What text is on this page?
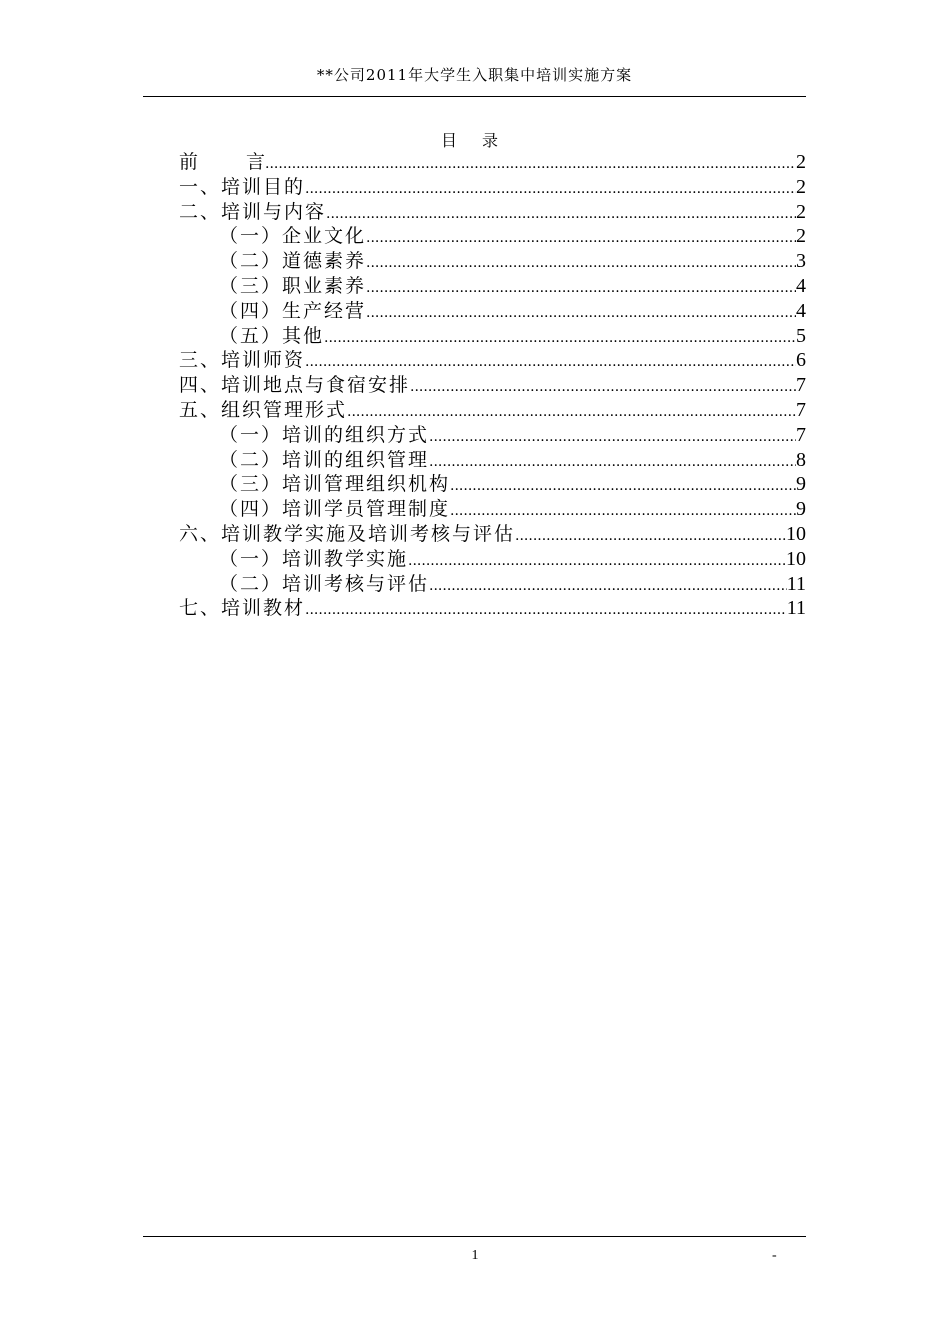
**公司2011年大学生入职集中培训实施方案
目 录
前	言 .....	2
一、培训目的 .....	2
二、培训与内容 .....	2
（一）企业文化 .....	2
（二）道德素养 .....	3
（三）职业素养 .....	4
（四）生产经营 .....	4
（五）其他 .....	5
三、培训师资 .....	6
四、培训地点与食宿安排 .....	7
五、组织管理形式 .....	7
（一）培训的组织方式 .....	7
（二）培训的组织管理 .....	8
（三）培训管理组织机构 .....	9
（四）培训学员管理制度 .....	9
六、培训教学实施及培训考核与评估 .....	10
（一）培训教学实施 .....	10
（二）培训考核与评估 .....	11
七、培训教材 .....	11
1	-
